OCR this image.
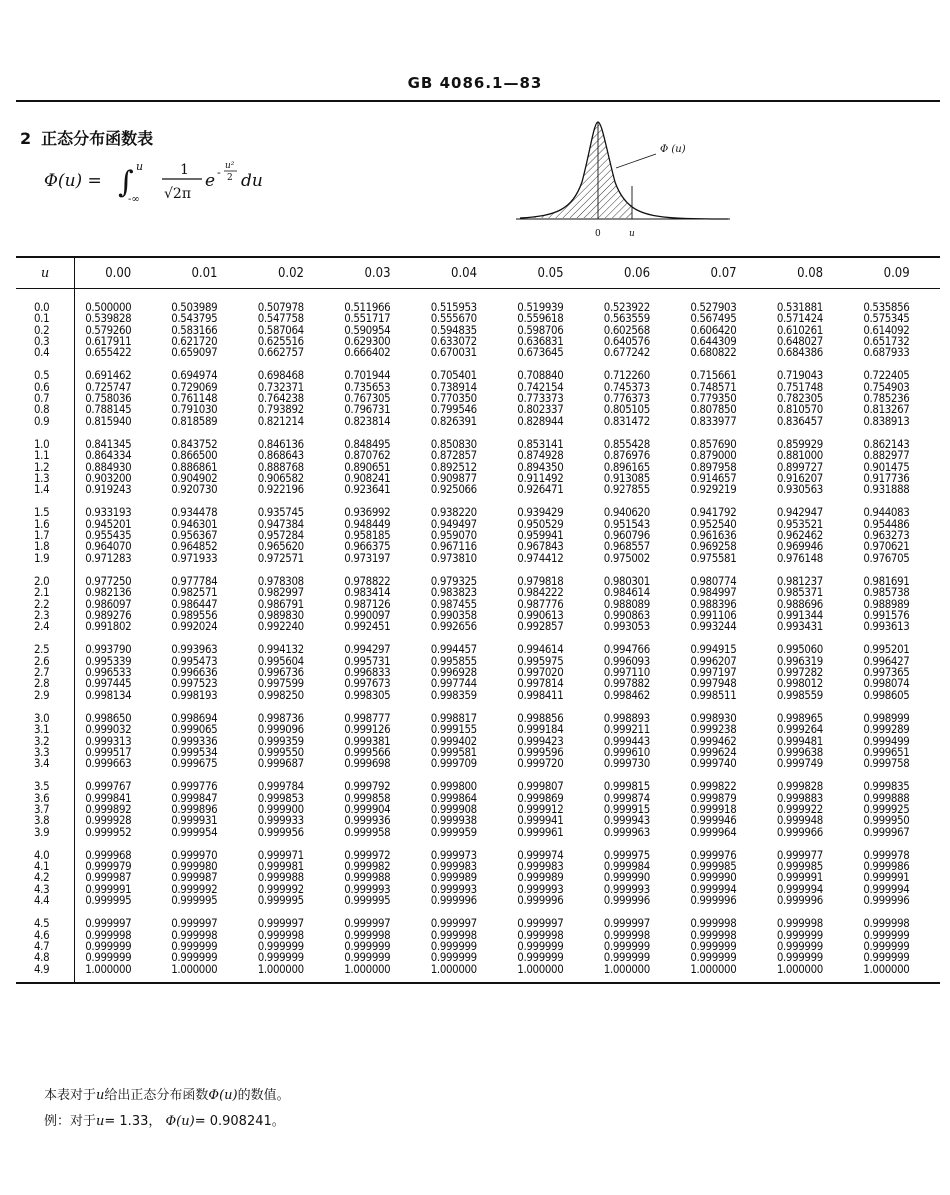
GB 4086.1—83
2 正态分布函数表
Φ(u) = ∫ u
-∞
1
√2π
e - u²
2 du
Φ (u)
0	u
u	0.00	0.01	0.02	0.03	0.04	0.05	0.06	0.07	0.08	0.09
0.0	0.500000	0.503989	0.507978	0.511966	0.515953	0.519939	0.523922	0.527903	0.531881	0.535856
0.1	0.539828	0.543795	0.547758	0.551717	0.555670	0.559618	0.563559	0.567495	0.571424	0.575345
0.2	0.579260	0.583166	0.587064	0.590954	0.594835	0.598706	0.602568	0.606420	0.610261	0.614092
0.3	0.617911	0.621720	0.625516	0.629300	0.633072	0.636831	0.640576	0.644309	0.648027	0.651732
0.4	0.655422	0.659097	0.662757	0.666402	0.670031	0.673645	0.677242	0.680822	0.684386	0.687933
0.5	0.691462	0.694974	0.698468	0.701944	0.705401	0.708840	0.712260	0.715661	0.719043	0.722405
0.6	0.725747	0.729069	0.732371	0.735653	0.738914	0.742154	0.745373	0.748571	0.751748	0.754903
0.7	0.758036	0.761148	0.764238	0.767305	0.770350	0.773373	0.776373	0.779350	0.782305	0.785236
0.8	0.788145	0.791030	0.793892	0.796731	0.799546	0.802337	0.805105	0.807850	0.810570	0.813267
0.9	0.815940	0.818589	0.821214	0.823814	0.826391	0.828944	0.831472	0.833977	0.836457	0.838913
1.0	0.841345	0.843752	0.846136	0.848495	0.850830	0.853141	0.855428	0.857690	0.859929	0.862143
1.1	0.864334	0.866500	0.868643	0.870762	0.872857	0.874928	0.876976	0.879000	0.881000	0.882977
1.2	0.884930	0.886861	0.888768	0.890651	0.892512	0.894350	0.896165	0.897958	0.899727	0.901475
1.3	0.903200	0.904902	0.906582	0.908241	0.909877	0.911492	0.913085	0.914657	0.916207	0.917736
1.4	0.919243	0.920730	0.922196	0.923641	0.925066	0.926471	0.927855	0.929219	0.930563	0.931888
1.5	0.933193	0.934478	0.935745	0.936992	0.938220	0.939429	0.940620	0.941792	0.942947	0.944083
1.6	0.945201	0.946301	0.947384	0.948449	0.949497	0.950529	0.951543	0.952540	0.953521	0.954486
1.7	0.955435	0.956367	0.957284	0.958185	0.959070	0.959941	0.960796	0.961636	0.962462	0.963273
1.8	0.964070	0.964852	0.965620	0.966375	0.967116	0.967843	0.968557	0.969258	0.969946	0.970621
1.9	0.971283	0.971933	0.972571	0.973197	0.973810	0.974412	0.975002	0.975581	0.976148	0.976705
2.0	0.977250	0.977784	0.978308	0.978822	0.979325	0.979818	0.980301	0.980774	0.981237	0.981691
2.1	0.982136	0.982571	0.982997	0.983414	0.983823	0.984222	0.984614	0.984997	0.985371	0.985738
2.2	0.986097	0.986447	0.986791	0.987126	0.987455	0.987776	0.988089	0.988396	0.988696	0.988989
2.3	0.989276	0.989556	0.989830	0.990097	0.990358	0.990613	0.990863	0.991106	0.991344	0.991576
2.4	0.991802	0.992024	0.992240	0.992451	0.992656	0.992857	0.993053	0.993244	0.993431	0.993613
2.5	0.993790	0.993963	0.994132	0.994297	0.994457	0.994614	0.994766	0.994915	0.995060	0.995201
2.6	0.995339	0.995473	0.995604	0.995731	0.995855	0.995975	0.996093	0.996207	0.996319	0.996427
2.7	0.996533	0.996636	0.996736	0.996833	0.996928	0.997020	0.997110	0.997197	0.997282	0.997365
2.8	0.997445	0.997523	0.997599	0.997673	0.997744	0.997814	0.997882	0.997948	0.998012	0.998074
2.9	0.998134	0.998193	0.998250	0.998305	0.998359	0.998411	0.998462	0.998511	0.998559	0.998605
3.0	0.998650	0.998694	0.998736	0.998777	0.998817	0.998856	0.998893	0.998930	0.998965	0.998999
3.1	0.999032	0.999065	0.999096	0.999126	0.999155	0.999184	0.999211	0.999238	0.999264	0.999289
3.2	0.999313	0.999336	0.999359	0.999381	0.999402	0.999423	0.999443	0.999462	0.999481	0.999499
3.3	0.999517	0.999534	0.999550	0.999566	0.999581	0.999596	0.999610	0.999624	0.999638	0.999651
3.4	0.999663	0.999675	0.999687	0.999698	0.999709	0.999720	0.999730	0.999740	0.999749	0.999758
3.5	0.999767	0.999776	0.999784	0.999792	0.999800	0.999807	0.999815	0.999822	0.999828	0.999835
3.6	0.999841	0.999847	0.999853	0.999858	0.999864	0.999869	0.999874	0.999879	0.999883	0.999888
3.7	0.999892	0.999896	0.999900	0.999904	0.999908	0.999912	0.999915	0.999918	0.999922	0.999925
3.8	0.999928	0.999931	0.999933	0.999936	0.999938	0.999941	0.999943	0.999946	0.999948	0.999950
3.9	0.999952	0.999954	0.999956	0.999958	0.999959	0.999961	0.999963	0.999964	0.999966	0.999967
4.0	0.999968	0.999970	0.999971	0.999972	0.999973	0.999974	0.999975	0.999976	0.999977	0.999978
4.1	0.999979	0.999980	0.999981	0.999982	0.999983	0.999983	0.999984	0.999985	0.999985	0.999986
4.2	0.999987	0.999987	0.999988	0.999988	0.999989	0.999989	0.999990	0.999990	0.999991	0.999991
4.3	0.999991	0.999992	0.999992	0.999993	0.999993	0.999993	0.999993	0.999994	0.999994	0.999994
4.4	0.999995	0.999995	0.999995	0.999995	0.999996	0.999996	0.999996	0.999996	0.999996	0.999996
4.5	0.999997	0.999997	0.999997	0.999997	0.999997	0.999997	0.999997	0.999998	0.999998	0.999998
4.6	0.999998	0.999998	0.999998	0.999998	0.999998	0.999998	0.999998	0.999998	0.999999	0.999999
4.7	0.999999	0.999999	0.999999	0.999999	0.999999	0.999999	0.999999	0.999999	0.999999	0.999999
4.8	0.999999	0.999999	0.999999	0.999999	0.999999	0.999999	0.999999	0.999999	0.999999	0.999999
4.9	1.000000	1.000000	1.000000	1.000000	1.000000	1.000000	1.000000	1.000000	1.000000	1.000000
本表对于u给出正态分布函数Φ(u)的数值。
例：对于u= 1.33， Φ(u)= 0.908241。
